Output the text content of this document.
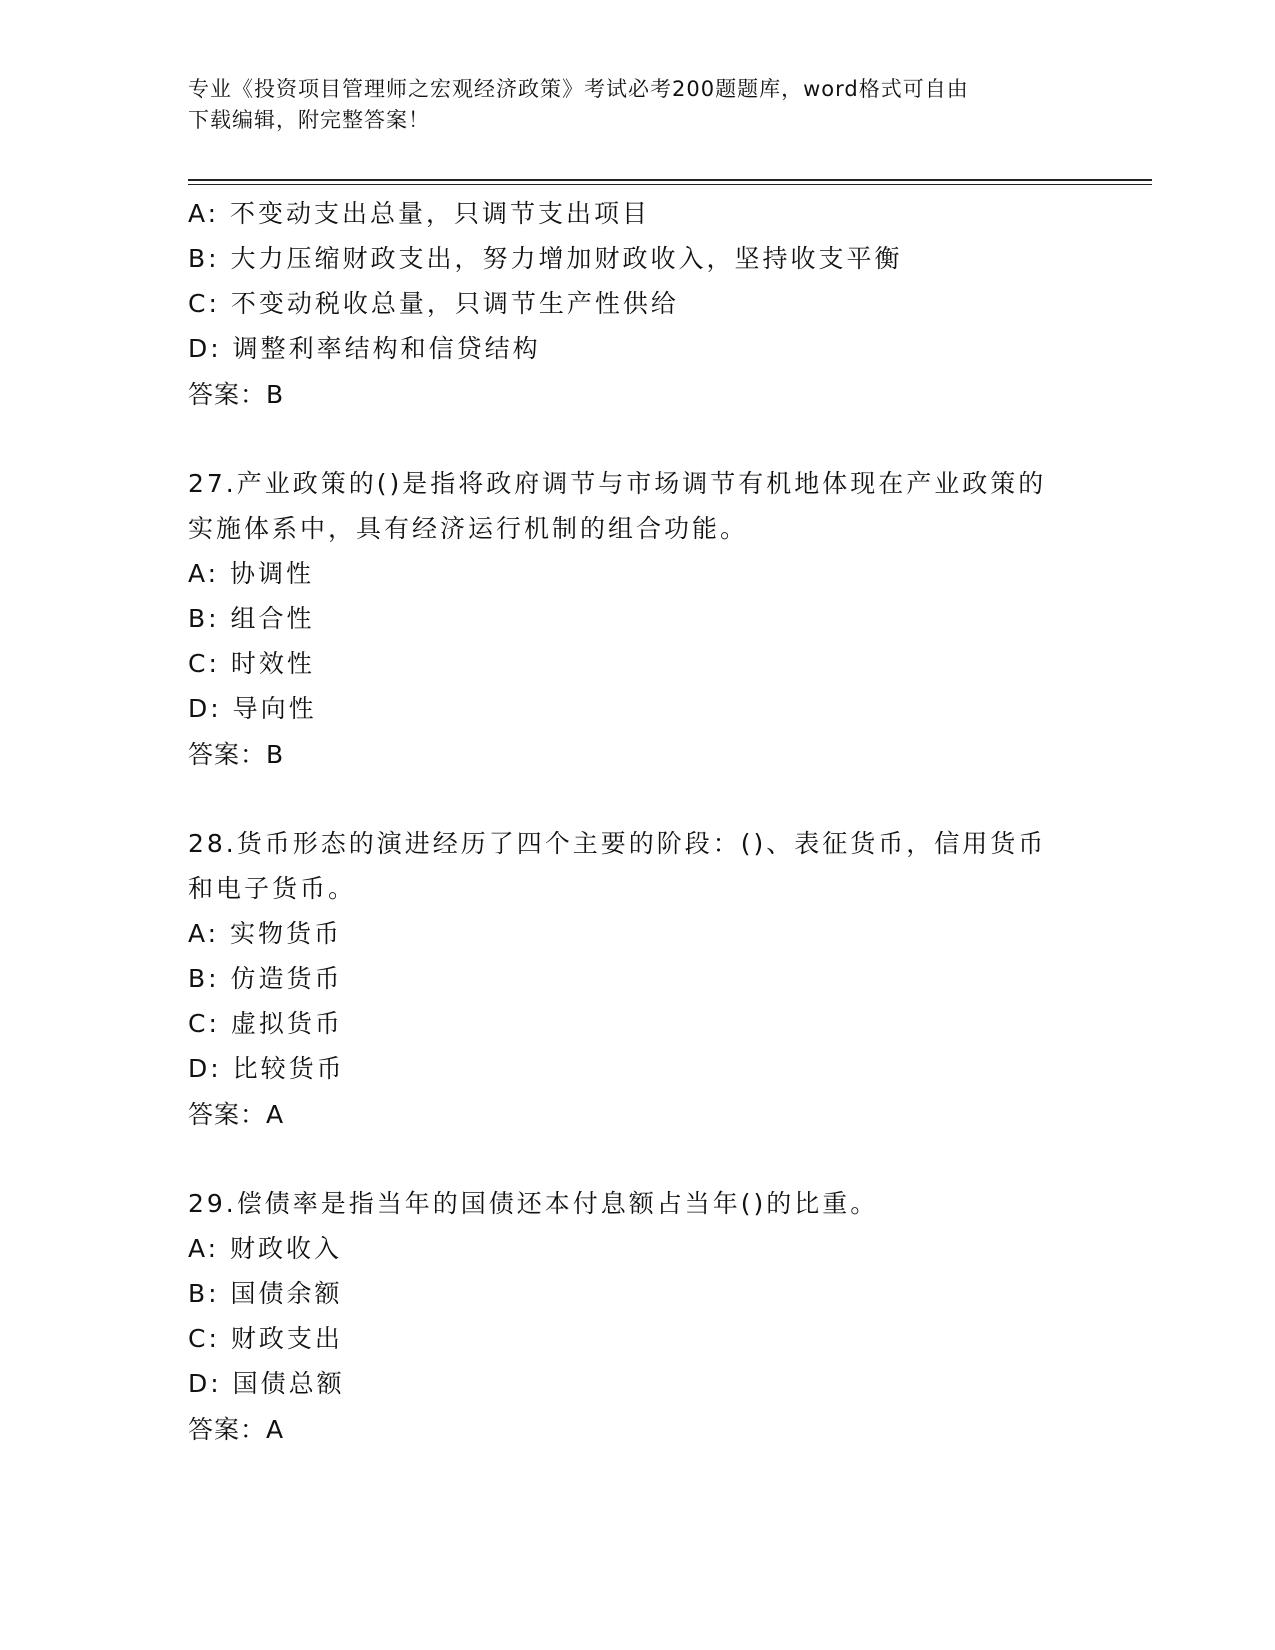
专业《投资项目管理师之宏观经济政策》考试必考200题题库，word格式可自由
下载编辑，附完整答案！
A: 不变动支出总量，只调节支出项目
B: 大力压缩财政支出，努力增加财政收入，坚持收支平衡
C: 不变动税收总量，只调节生产性供给
D: 调整利率结构和信贷结构
答案：B
27.产业政策的()是指将政府调节与市场调节有机地体现在产业政策的
实施体系中，具有经济运行机制的组合功能。
A: 协调性
B: 组合性
C: 时效性
D: 导向性
答案：B
28.货币形态的演进经历了四个主要的阶段：()、表征货币，信用货币
和电子货币。
A: 实物货币
B: 仿造货币
C: 虚拟货币
D: 比较货币
答案：A
29.偿债率是指当年的国债还本付息额占当年()的比重。
A: 财政收入
B: 国债余额
C: 财政支出
D: 国债总额
答案：A
